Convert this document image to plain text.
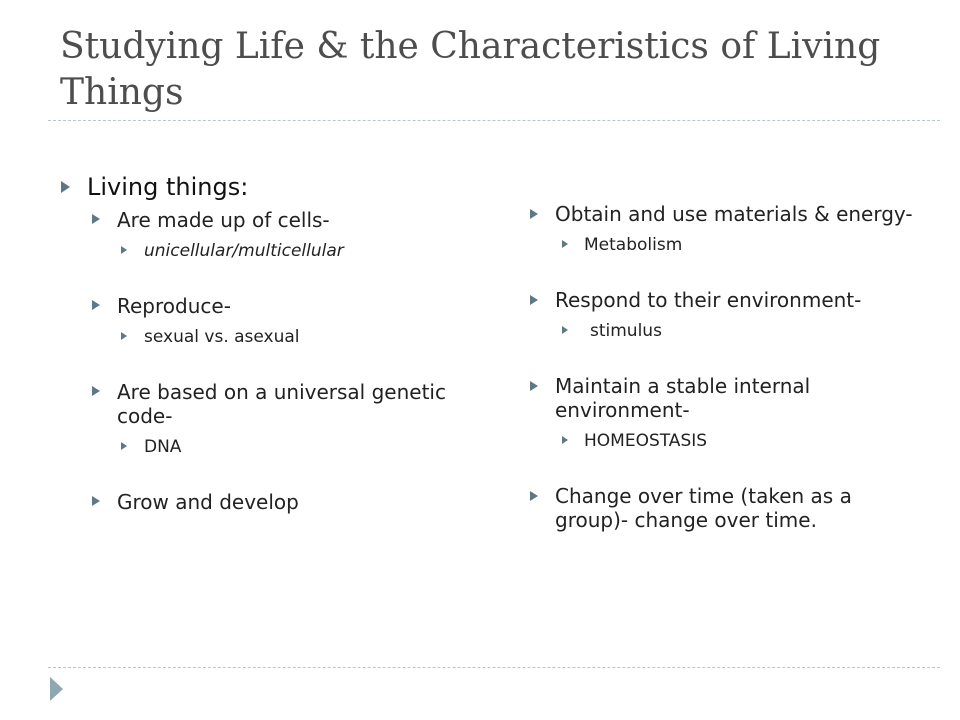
Studying Life & the Characteristics of Living Things
Living things:
Are made up of cells-
unicellular/multicellular
Reproduce-
sexual vs. asexual
Are based on a universal genetic code-
DNA
Grow and develop
Obtain and use materials & energy-
Metabolism
Respond to their environment-
stimulus
Maintain a stable internal environment-
HOMEOSTASIS
Change over time (taken as a group)- change over time.
